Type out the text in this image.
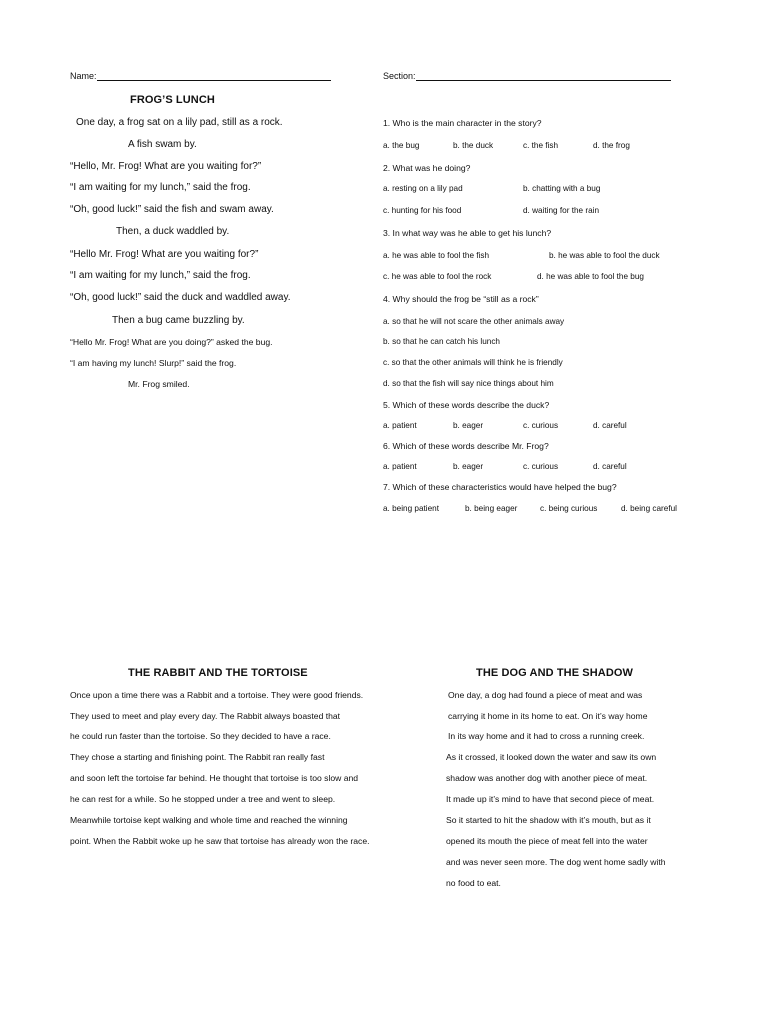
Name:	Section:
FROG’S LUNCH
One day, a frog sat on a lily pad, still as a rock.
A fish swam by.
“Hello, Mr. Frog! What are you waiting for?”
“I am waiting for my lunch,” said the frog.
“Oh, good luck!” said the fish and swam away.
Then, a duck waddled by.
“Hello Mr. Frog! What are you waiting for?”
“I am waiting for my lunch,” said the frog.
“Oh, good luck!” said the duck and waddled away.
Then a bug came buzzling by.
“Hello Mr. Frog! What are you doing?” asked the bug.
“I am having my lunch! Slurp!” said the frog.
Mr. Frog smiled.
1. Who is the main character in the story?
a. the bug	b. the duck	c. the fish	d. the frog
2. What was he doing?
a. resting on a lily pad	b. chatting with a bug
c. hunting for his food	d. waiting for the rain
3. In what way was he able to get his lunch?
a. he was able to fool the fish	b. he was able to fool the duck
c. he was able to fool the rock	d. he was able to fool the bug
4. Why should the frog be “still as a rock”
a. so that he will not scare the other animals away
b. so that he can catch his lunch
c. so that the other animals will think he is friendly
d. so that the fish will say nice things about him
5. Which of these words describe the duck?
a. patient	b. eager	c. curious	d. careful
6. Which of these words describe Mr. Frog?
a. patient	b. eager	c. curious	d. careful
7. Which of these characteristics would have helped the bug?
a. being patient	b. being eager	c. being curious	d. being careful
THE RABBIT AND THE TORTOISE
Once upon a time there was a Rabbit and a tortoise. They were good friends.
They used to meet and play every day. The Rabbit always boasted that
he could run faster than the tortoise. So they decided to have a race.
They chose a starting and finishing point. The Rabbit ran really fast
and soon left the tortoise far behind. He thought that tortoise is too slow and
he can rest for a while. So he stopped under a tree and went to sleep.
Meanwhile tortoise kept walking and whole time and reached the winning
point. When the Rabbit woke up he saw that tortoise has already won the race.
THE DOG AND THE SHADOW
One day, a dog had found a piece of meat and was
carrying it home in its home to eat. On it’s way home
In its way home and it had to cross a running creek.
As it crossed, it looked down the water and saw its own
shadow was another dog with another piece of meat.
It made up it’s mind to have that second piece of meat.
So it started to hit the shadow with it’s mouth, but as it
opened its mouth the piece of meat fell into the water
and was never seen more. The dog went home sadly with
no food to eat.
